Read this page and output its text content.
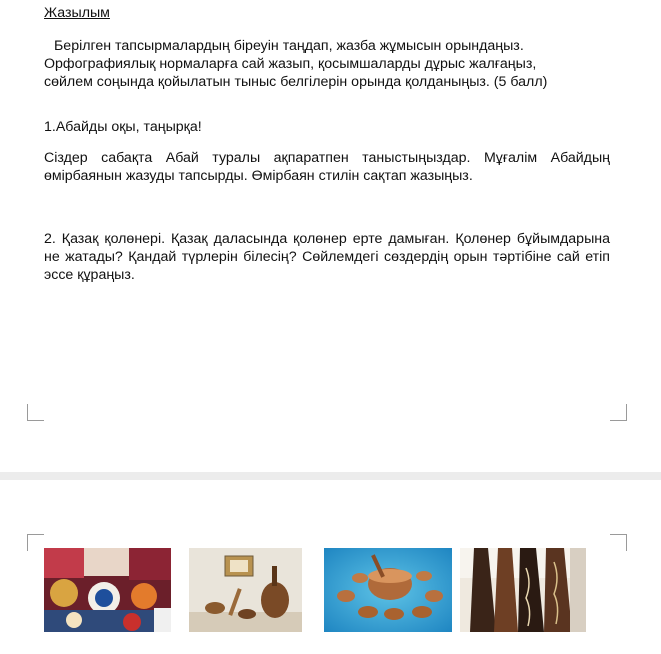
Жазылым

Берілген тапсырмалардың біреуін таңдап, жазба жұмысын орындаңыз.
Орфографиялық нормаларға сай жазып, қосымшаларды дұрыс жалғаңыз,
сөйлем соңында қойылатын тыныс белгілерін орында қолданыңыз. (5 балл)

1.Абайды оқы, таңырқа!

Сіздер сабақта Абай туралы ақпаратпен таныстыңыздар. Мұғалім Абайдың өмірбаянын жазуды тапсырды. Өмірбаян стилін сақтап жазыңыз.

2. Қазақ қолөнері. Қазақ даласында қолөнер ерте дамыған. Қолөнер бұйымдарына не жатады? Қандай түрлерін білесің? Сөйлемдегі сөздердің орын тәртібіне сай етіп эссе құраңыз.
